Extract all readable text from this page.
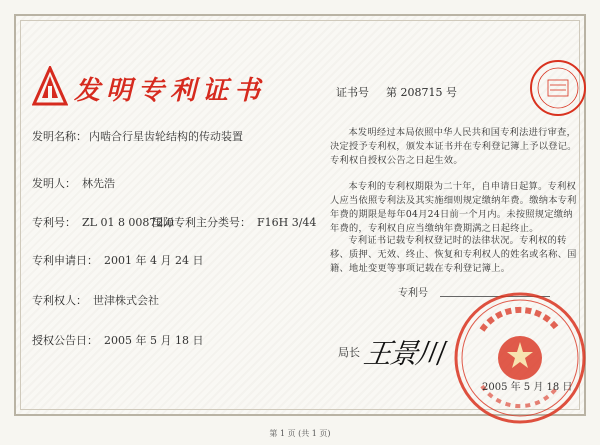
发明专利证书	证书号 第 208715 号
发明名称： 内啮合行星齿轮结构的传动装置
发明人： 林先浩
专利号： ZL 01 8 00872.0
国际专利主分类号： F16H 3/44
专利申请日： 2001 年 4 月 24 日
专利权人： 世津株式会社
授权公告日： 2005 年 5 月 18 日

本发明经过本局依照中华人民共和国专利法进行审查，决定授予专利权，颁发本证书并在专利登记簿上予以登记。专利权自授权公告之日起生效。

本专利的专利权期限为二十年，自申请日起算。专利权人应当依照专利法及其实施细则规定缴纳年费。缴纳本专利年费的期限是每年04月24日前一个月内。未按照规定缴纳年费的，专利权自应当缴纳年费期满之日起终止。

专利证书记载专利权登记时的法律状况。专利权的转移、质押、无效、终止、恢复和专利权人的姓名或名称、国籍、地址变更等事项记载在专利登记簿上。

专利号
局长 王景川
2005 年 5 月 18 日
第 1 页 (共 1 页)
